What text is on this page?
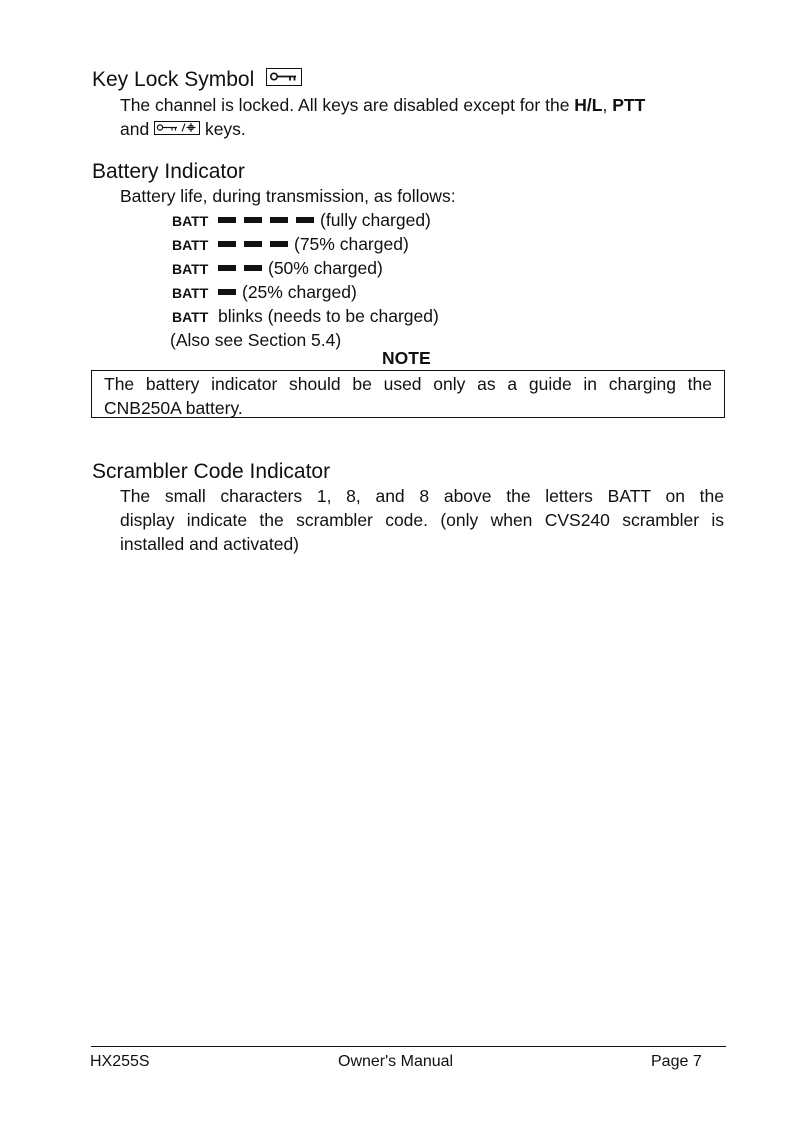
Key Lock Symbol
The channel is locked. All keys are disabled except for the H/L, PTT
and	keys.
Battery Indicator
Battery life, during transmission, as follows:
BATT	(fully charged)
BATT	(75% charged)
BATT	(50% charged)
BATT (25% charged)
BATT blinks (needs to be charged)
(Also see Section 5.4)
NOTE
The battery indicator should be used only as a guide in charging the
CNB250A battery.
Scrambler Code Indicator
The small characters 1, 8, and 8 above the letters BATT on the
display indicate the scrambler code. (only when CVS240 scrambler is
installed and activated)
HX255S	Owner's Manual	Page 7
